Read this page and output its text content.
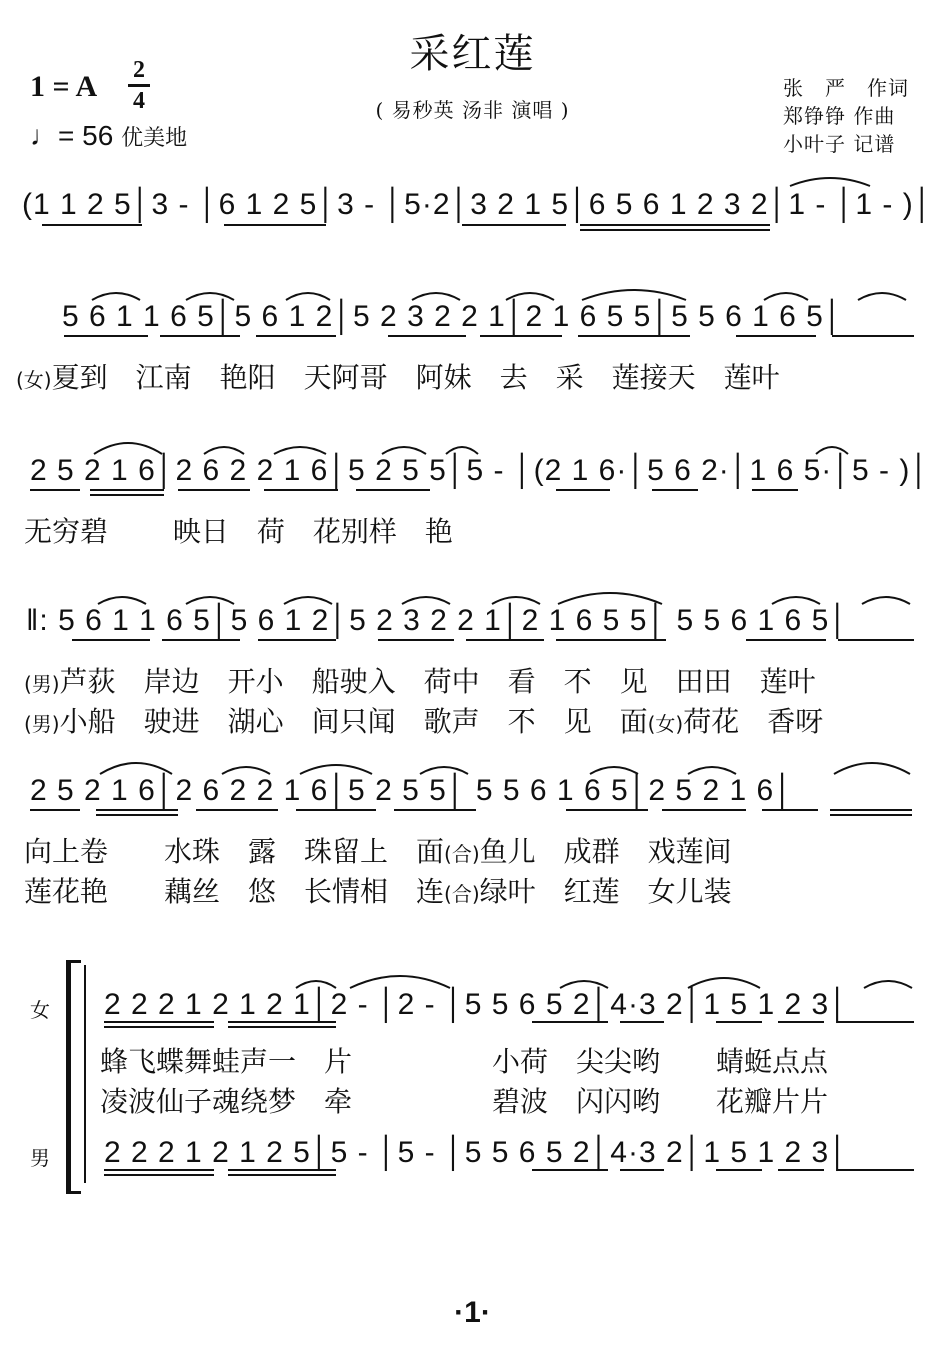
采红莲
( 易秒英 汤非 演唱 )
1 = A 2
4
♩= 56 优美地
张　严　作词
郑铮铮 作曲
小叶子 记谱
(1 1 2 5│3 - │6 1 2 5│3 - │5·2│3 2 1 5│6 5 6 1 2 3 2│1 - │1 - )│
5 6 1 1 6 5│5 6 1 2│5 2 3 2 2 1│2 1 6 5 5│5 5 6 1 6 5│
(女)夏到　江南　艳阳　天阿哥　阿妹　去　采　莲接天　莲叶
2 5 2 1 6│2 6 2 2 1 6│5 2 5 5│5 - │(2 1 6·│5 6 2·│1 6 5·│5 - )│
无穷碧　　 映日　荷　花别样　艳
‖: 5 6 1 1 6 5│5 6 1 2│5 2 3 2 2 1│2 1 6 5 5│ 5 5 6 1 6 5│
(男)芦荻　岸边　开小　船驶入　荷中　看　不　见　田田　莲叶
(男)小船　驶进　湖心　间只闻　歌声　不　见　面(女)荷花　香呀
2 5 2 1 6│2 6 2 2 1 6│5 2 5 5│ 5 5 6 1 6 5│2 5 2 1 6│
向上卷　　水珠　露　珠留上　面(合)鱼儿　成群　戏莲间
莲花艳　　藕丝　悠　长情相　连(合)绿叶　红莲　女儿装
女
男
2 2 2 1 2 1 2 1│2 - │2 - │5 5 6 5 2│4·3 2│1 5 1 2 3│
蜂飞蝶舞蛙声一　片　　　　　小荷　尖尖哟　　蜻蜓点点
凌波仙子魂绕梦　牵　　　　　碧波　闪闪哟　　花瓣片片
2 2 2 1 2 1 2 5│5 - │5 - │5 5 6 5 2│4·3 2│1 5 1 2 3│
·1·
